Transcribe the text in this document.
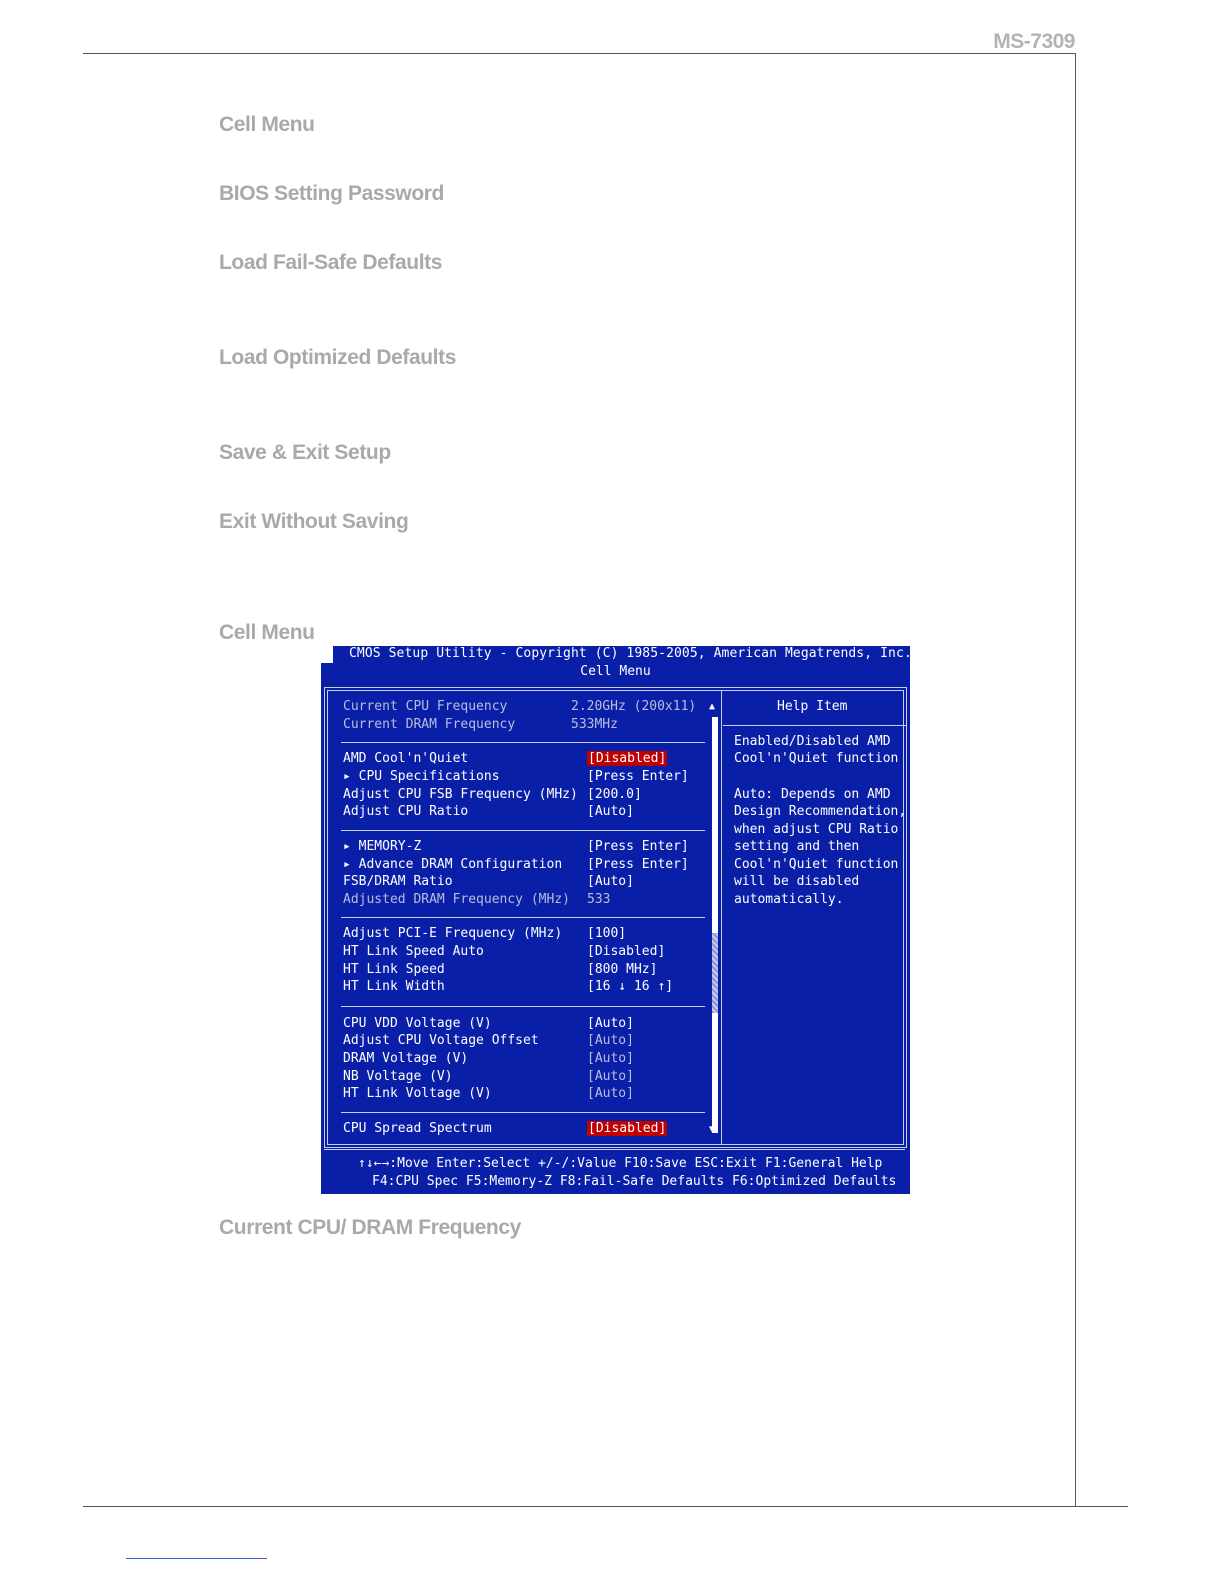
MS-7309
Cell Menu
BIOS Setting Password
Load Fail-Safe Defaults
Load Optimized Defaults
Save & Exit Setup
Exit Without Saving
Cell Menu
Current CPU/ DRAM Frequency
CMOS Setup Utility - Copyright (C) 1985-2005, American Megatrends, Inc.
Cell Menu
▲
▼
Current CPU Frequency	2.20GHz (200x11)
Current DRAM Frequency	533MHz
AMD Cool'n'Quiet	[Disabled]
▸ CPU Specifications	[Press Enter]
Adjust CPU FSB Frequency (MHz) [200.0]
Adjust CPU Ratio	[Auto]
▸ MEMORY-Z	[Press Enter]
▸ Advance DRAM Configuration [Press Enter]
FSB/DRAM Ratio	[Auto]
Adjusted DRAM Frequency (MHz) 533
Adjust PCI-E Frequency (MHz) [100]
HT Link Speed Auto	[Disabled]
HT Link Speed	[800 MHz]
HT Link Width	[16 ↓ 16 ↑]
CPU VDD Voltage (V)	[Auto]
Adjust CPU Voltage Offset	[Auto]
DRAM Voltage (V)	[Auto]
NB Voltage (V)	[Auto]
HT Link Voltage (V)	[Auto]
CPU Spread Spectrum	[Disabled]
Help Item
Enabled/Disabled AMD
Cool'n'Quiet function
Auto: Depends on AMD
Design Recommendation,
when adjust CPU Ratio
setting and then
Cool'n'Quiet function
will be disabled
automatically.
↑↓←→:Move Enter:Select +/-/:Value F10:Save ESC:Exit F1:General Help
F4:CPU Spec F5:Memory-Z F8:Fail-Safe Defaults F6:Optimized Defaults
